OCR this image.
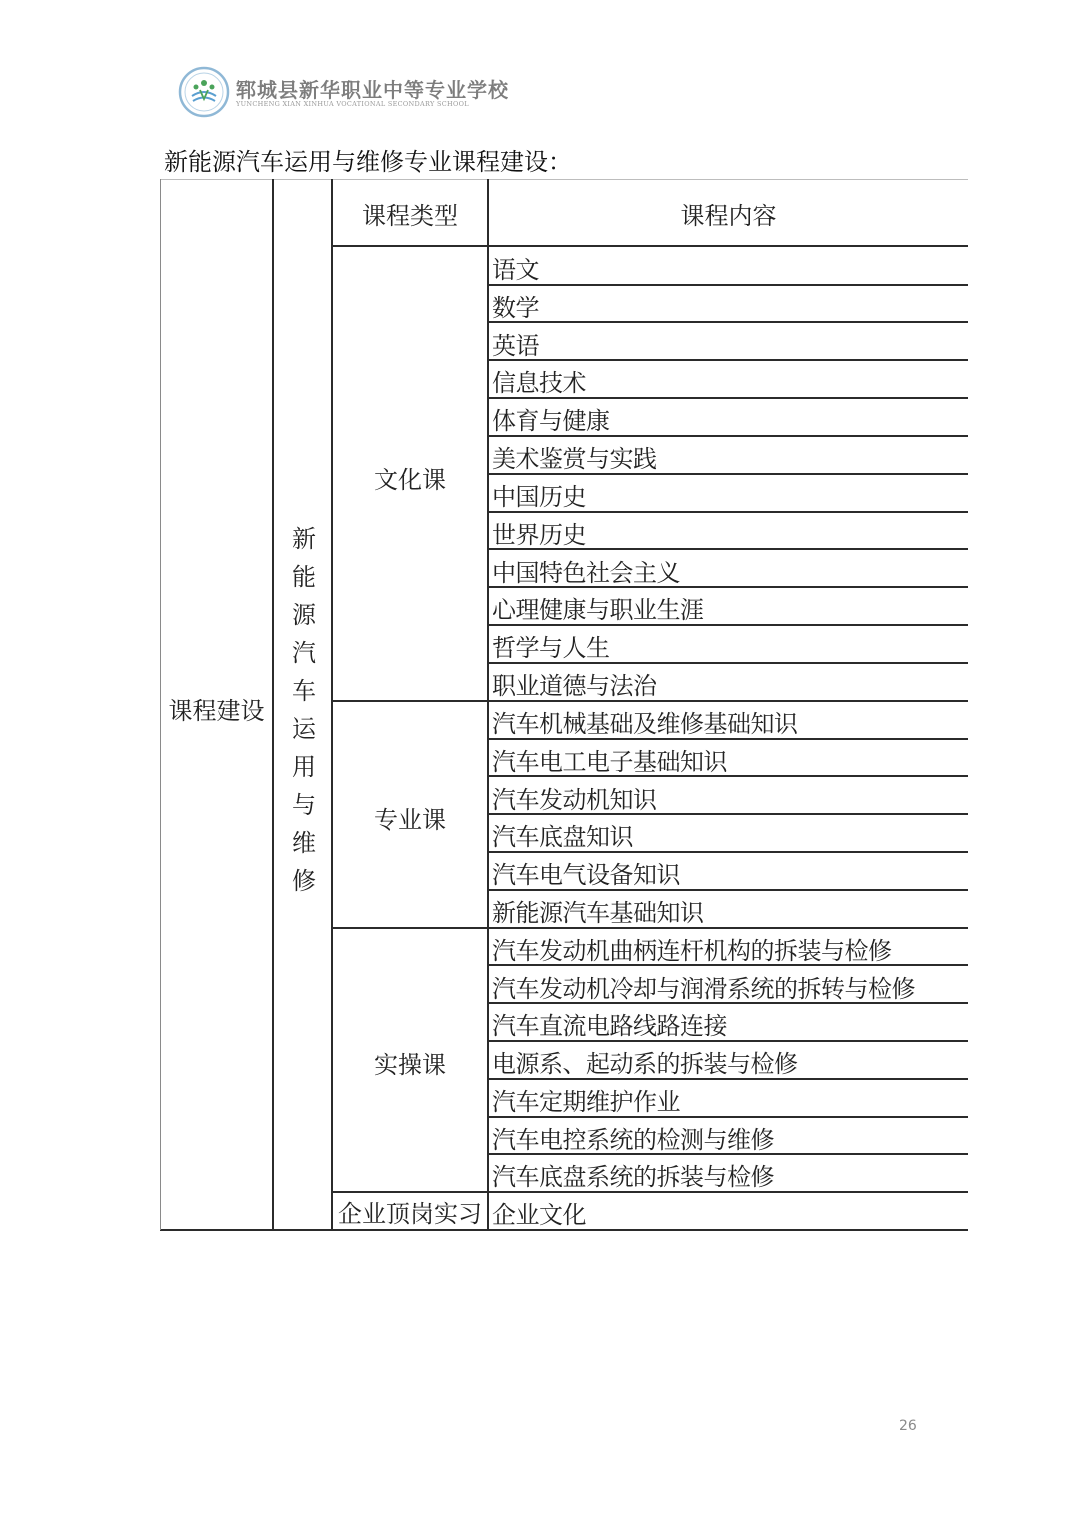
郓城县新华职业中等专业学校
YUNCHENG XIAN XINHUA VOCATIONAL SECONDARY SCHOOL
新能源汽车运用与维修专业课程建设：
课程类型	课程内容
课程建设
新能源汽车运用与维修
文化课
专业课
实操课
企业顶岗实习
语文
数学
英语
信息技术
体育与健康
美术鉴赏与实践
中国历史
世界历史
中国特色社会主义
心理健康与职业生涯
哲学与人生
职业道德与法治
汽车机械基础及维修基础知识
汽车电工电子基础知识
汽车发动机知识
汽车底盘知识
汽车电气设备知识
新能源汽车基础知识
汽车发动机曲柄连杆机构的拆装与检修
汽车发动机冷却与润滑系统的拆转与检修
汽车直流电路线路连接
电源系、起动系的拆装与检修
汽车定期维护作业
汽车电控系统的检测与维修
汽车底盘系统的拆装与检修
企业文化
26
